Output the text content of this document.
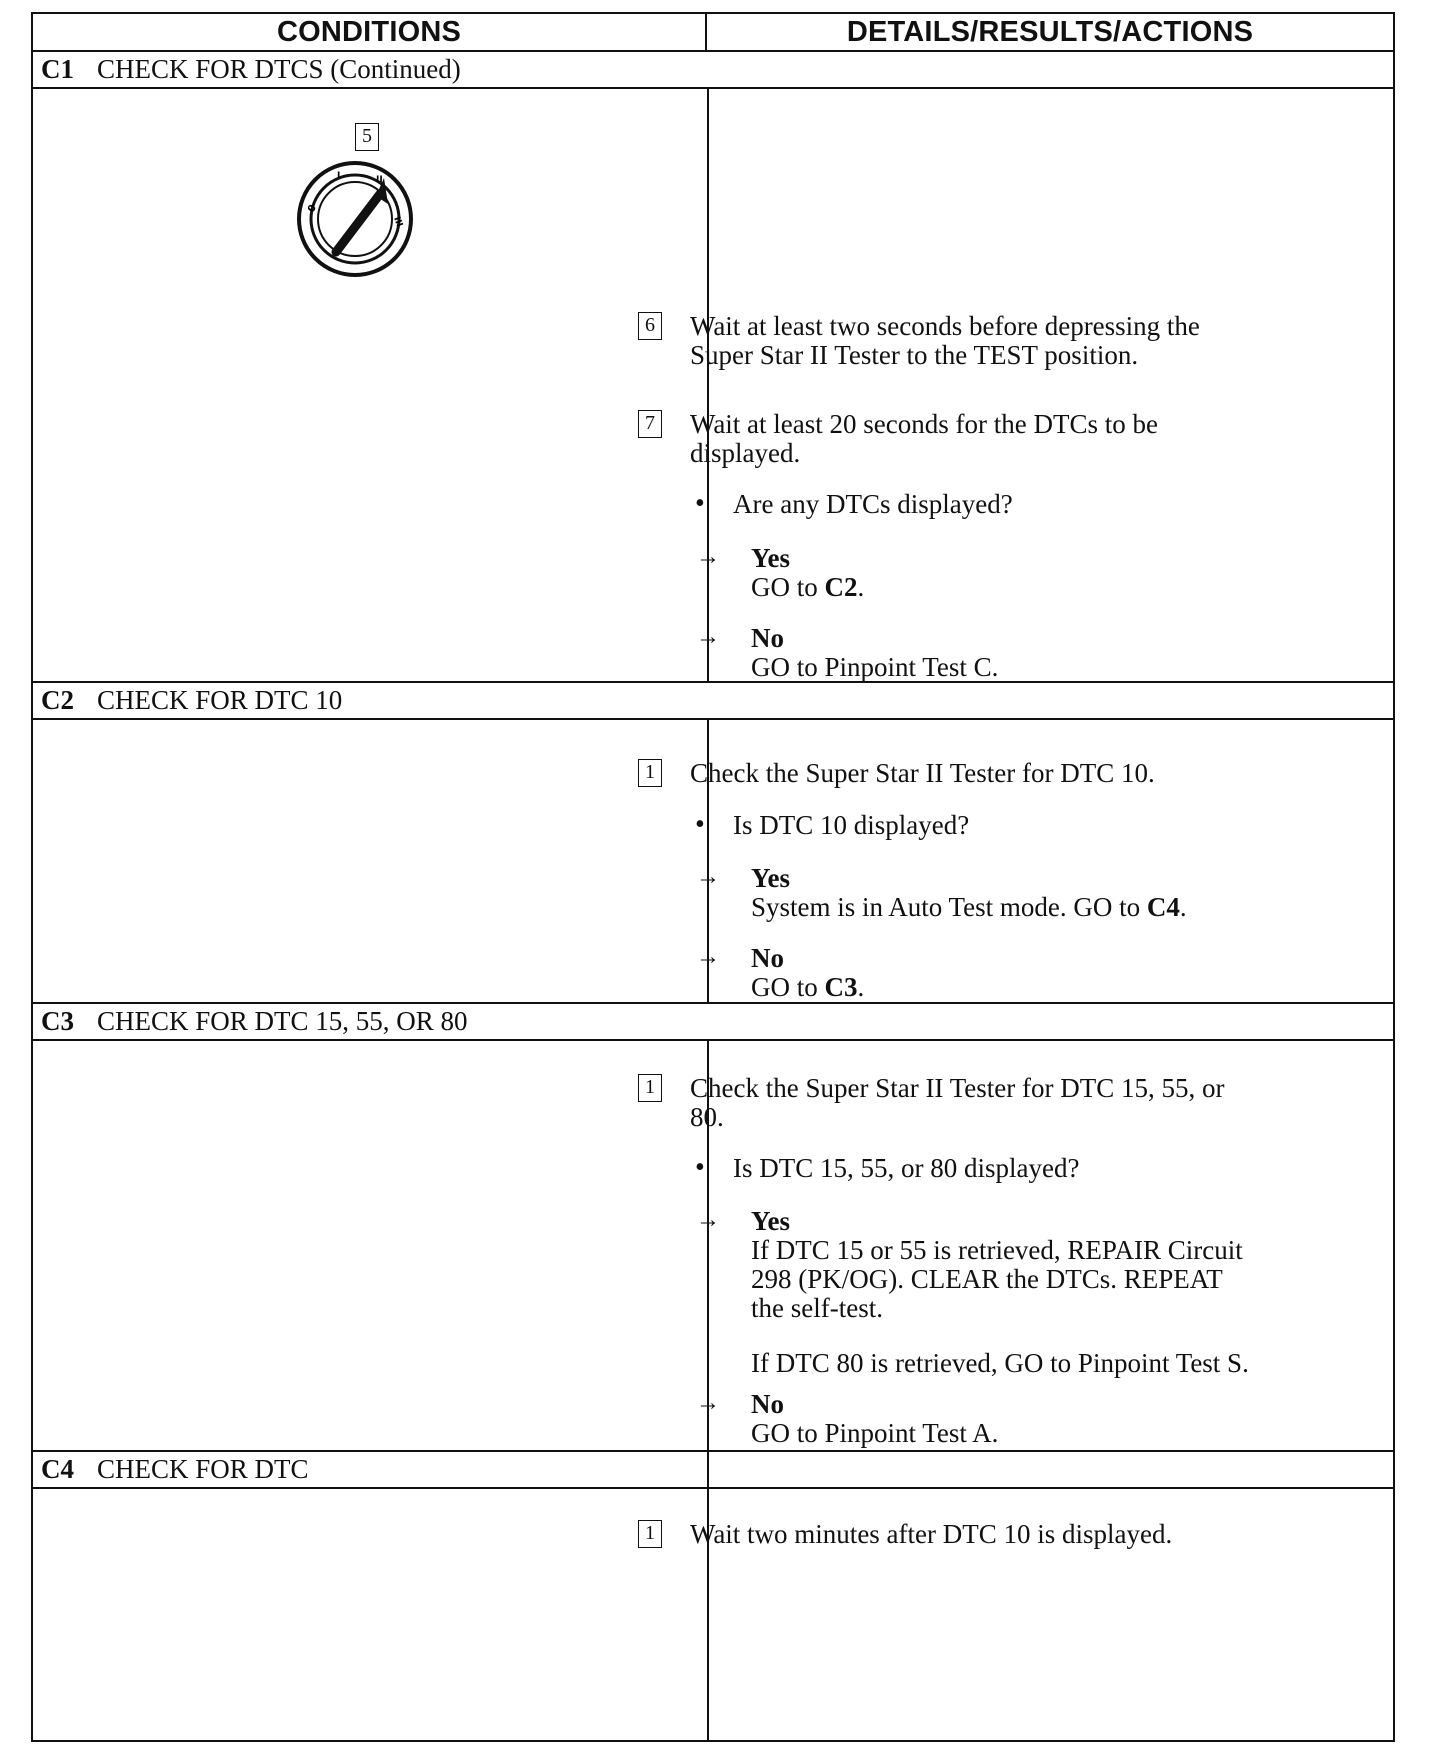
CONDITIONS	DETAILS/RESULTS/ACTIONS
C1 CHECK FOR DTCS (Continued)
5
0
I	II
III
6 Wait at least two seconds before depressing the
Super Star II Tester to the TEST position.
7 Wait at least 20 seconds for the DTCs to be
displayed.
• Are any DTCs displayed?
→ Yes
GO to C2.
→ No
GO to Pinpoint Test C.
C2 CHECK FOR DTC 10
1 Check the Super Star II Tester for DTC 10.
• Is DTC 10 displayed?
→ Yes
System is in Auto Test mode. GO to C4.
→ No
GO to C3.
C3 CHECK FOR DTC 15, 55, OR 80
1 Check the Super Star II Tester for DTC 15, 55, or
80.
• Is DTC 15, 55, or 80 displayed?
→ Yes
If DTC 15 or 55 is retrieved, REPAIR Circuit
298 (PK/OG). CLEAR the DTCs. REPEAT
the self-test.
If DTC 80 is retrieved, GO to Pinpoint Test S.
→ No
GO to Pinpoint Test A.
C4 CHECK FOR DTC
1 Wait two minutes after DTC 10 is displayed.
